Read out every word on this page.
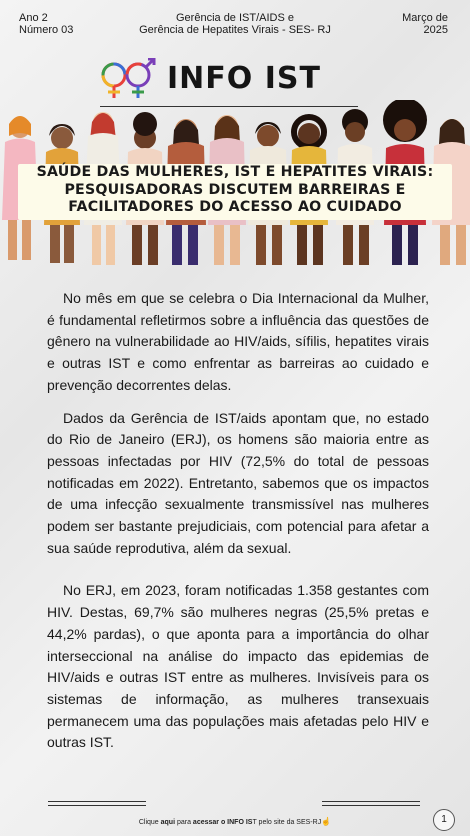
Ano 2
Número 03
Gerência de IST/AIDS e
Gerência de Hepatites Virais - SES- RJ
Março de
2025
INFO IST
SAÚDE DAS MULHERES, IST E HEPATITES VIRAIS:
PESQUISADORAS DISCUTEM BARREIRAS E
FACILITADORES DO ACESSO AO CUIDADO

No mês em que se celebra o Dia Internacional da Mulher, é fundamental refletirmos sobre a influência das questões de gênero na vulnerabilidade ao HIV/aids, sífilis, hepatites virais e outras IST e como enfrentar as barreiras ao cuidado e prevenção decorrentes delas.

Dados da Gerência de IST/aids apontam que, no estado do Rio de Janeiro (ERJ), os homens são maioria entre as pessoas infectadas por HIV (72,5% do total de pessoas notificadas em 2022). Entretanto, sabemos que os impactos de uma infecção sexualmente transmissível nas mulheres podem ser bastante prejudiciais, com potencial para afetar a sua saúde reprodutiva, além da sexual.

No ERJ, em 2023, foram notificadas 1.358 gestantes com HIV. Destas, 69,7% são mulheres negras (25,5% pretas e 44,2% pardas), o que aponta para a importância do olhar interseccional na análise do impacto das epidemias de HIV/aids e outras IST entre as mulheres. Invisíveis para os sistemas de informação, as mulheres transexuais permanecem uma das populações mais afetadas pelo HIV e outras IST.

Clique aqui para acessar o INFO IST pelo site da SES-RJ☝	1
